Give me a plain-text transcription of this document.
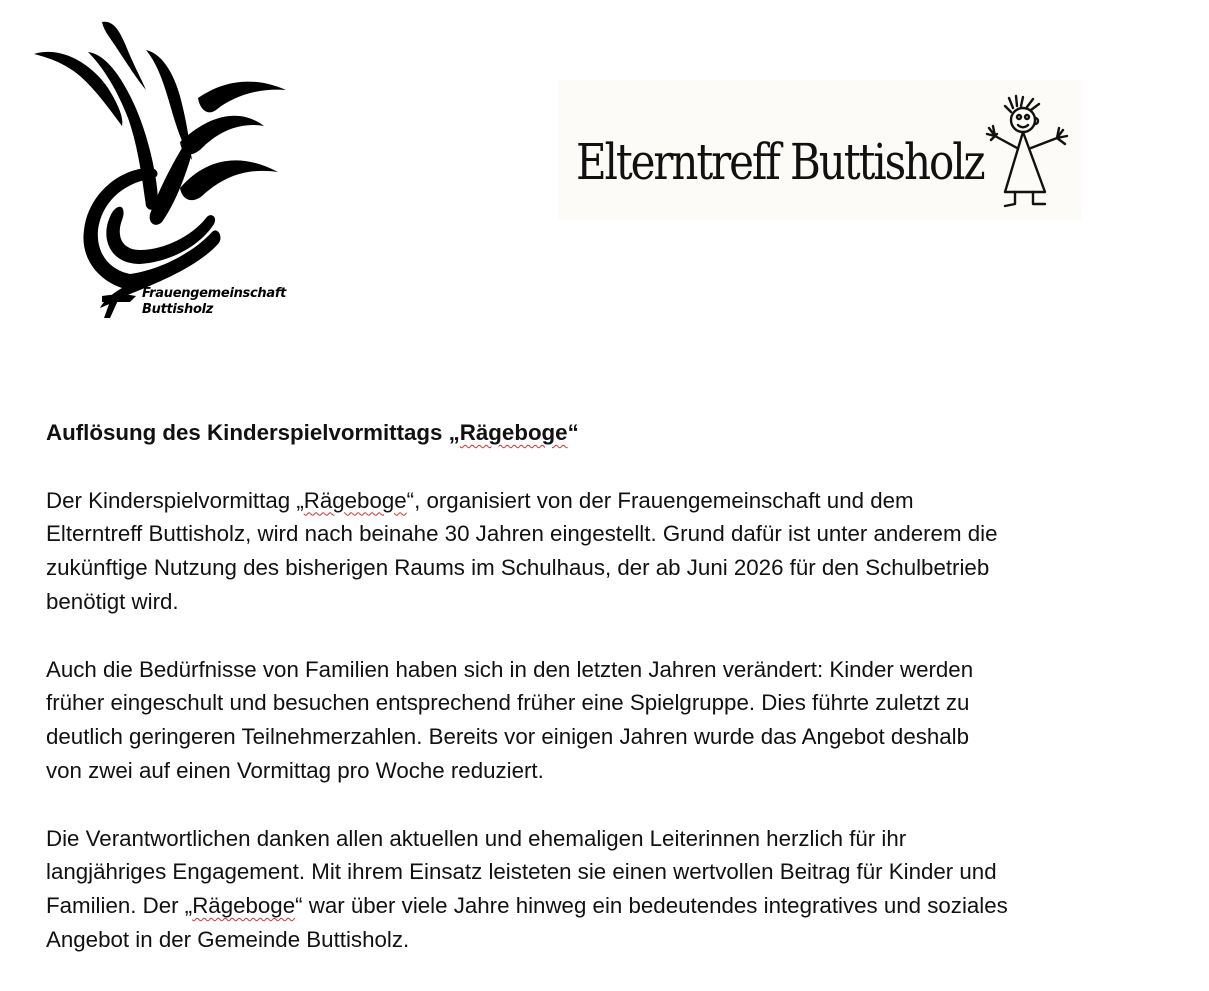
Frauengemeinschaft
Buttisholz
Elterntreff Buttisholz
Auflösung des Kinderspielvormittags „Rägeboge“

Der Kinderspielvormittag „Rägeboge“, organisiert von der Frauengemeinschaft und dem
Elterntreff Buttisholz, wird nach beinahe 30 Jahren eingestellt. Grund dafür ist unter anderem die
zukünftige Nutzung des bisherigen Raums im Schulhaus, der ab Juni 2026 für den Schulbetrieb
benötigt wird.

Auch die Bedürfnisse von Familien haben sich in den letzten Jahren verändert: Kinder werden
früher eingeschult und besuchen entsprechend früher eine Spielgruppe. Dies führte zuletzt zu
deutlich geringeren Teilnehmerzahlen. Bereits vor einigen Jahren wurde das Angebot deshalb
von zwei auf einen Vormittag pro Woche reduziert.

Die Verantwortlichen danken allen aktuellen und ehemaligen Leiterinnen herzlich für ihr
langjähriges Engagement. Mit ihrem Einsatz leisteten sie einen wertvollen Beitrag für Kinder und
Familien. Der „Rägeboge“ war über viele Jahre hinweg ein bedeutendes integratives und soziales
Angebot in der Gemeinde Buttisholz.
